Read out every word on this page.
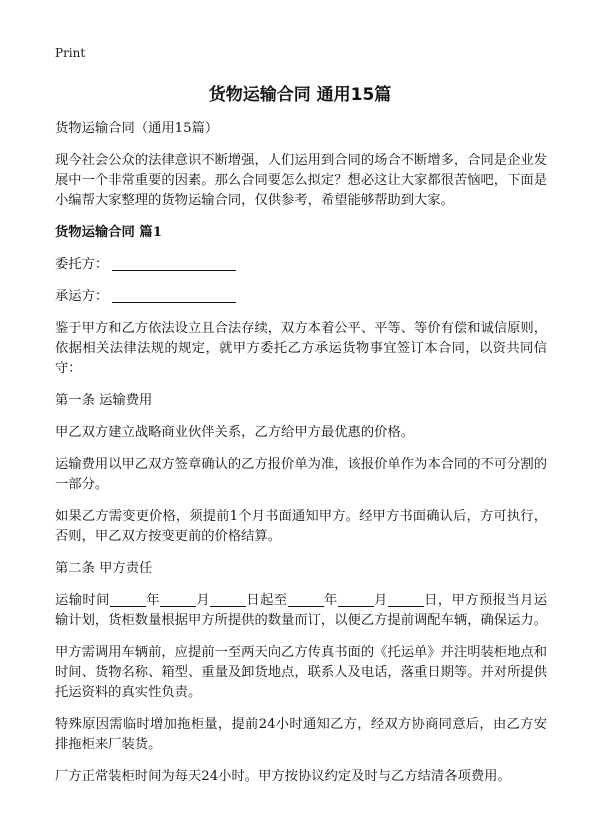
Print
货物运输合同 通用15篇

货物运输合同（通用15篇）

现今社会公众的法律意识不断增强，人们运用到合同的场合不断增多，合同是企业发展中一个非常重要的因素。那么合同要怎么拟定？想必这让大家都很苦恼吧，下面是小编帮大家整理的货物运输合同，仅供参考，希望能够帮助到大家。

货物运输合同 篇1

委托方：

承运方：

鉴于甲方和乙方依法设立且合法存续，双方本着公平、平等、等价有偿和诚信原则，依据相关法律法规的规定，就甲方委托乙方承运货物事宜签订本合同，以资共同信守：

第一条 运输费用

甲乙双方建立战略商业伙伴关系，乙方给甲方最优惠的价格。

运输费用以甲乙双方签章确认的乙方报价单为准，该报价单作为本合同的不可分割的一部分。

如果乙方需变更价格，须提前1个月书面通知甲方。经甲方书面确认后，方可执行，否则，甲乙双方按变更前的价格结算。

第二条 甲方责任

运输时间	年	月	日起至	年	月	日，甲方预报当月运输计划，货柜数量根据甲方所提供的数量而订，以便乙方提前调配车辆，确保运力。

甲方需调用车辆前，应提前一至两天向乙方传真书面的《托运单》并注明装柜地点和时间、货物名称、箱型、重量及卸货地点，联系人及电话，落重日期等。并对所提供托运资料的真实性负责。

特殊原因需临时增加拖柜量，提前24小时通知乙方，经双方协商同意后，由乙方安排拖柜来厂装货。

厂方正常装柜时间为每天24小时。甲方按协议约定及时与乙方结清各项费用。
